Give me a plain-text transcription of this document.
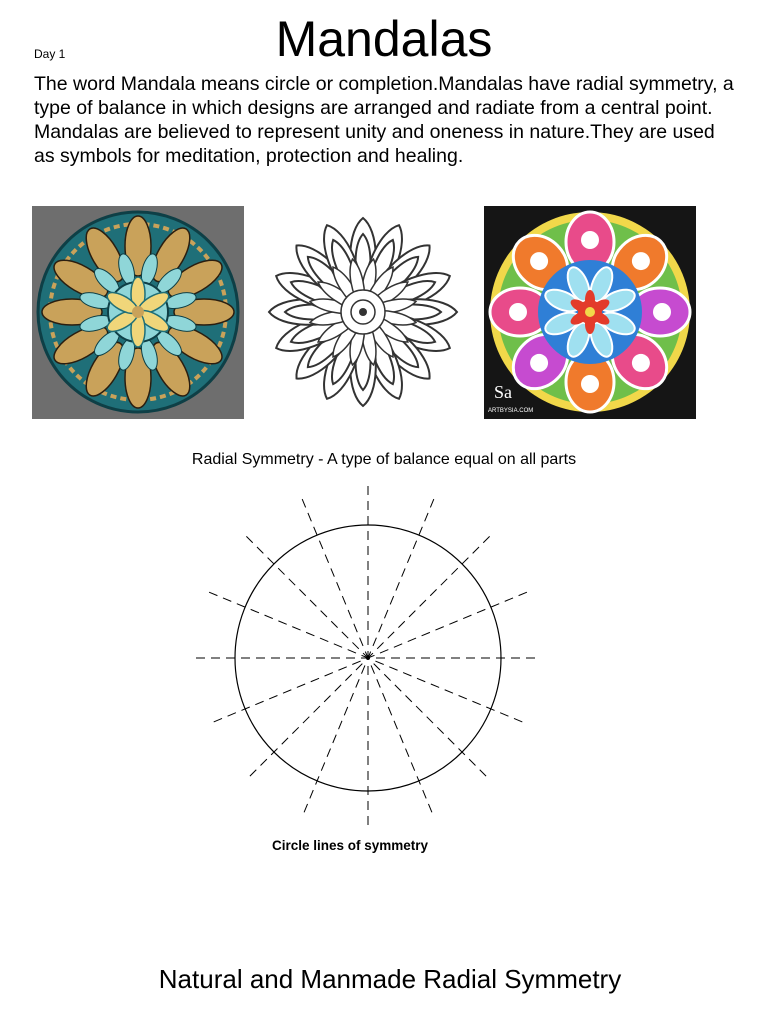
Day 1	Mandalas

The word Mandala means circle or completion.Mandalas have radial symmetry, a type of balance in which designs are arranged and radiate from a central point. Mandalas are believed to represent unity and oneness in nature.They are used as symbols for meditation, protection and healing.

Sa
ARTBYSIA.COM
Radial Symmetry - A type of balance equal on all parts
Circle lines of symmetry
Natural and Manmade Radial Symmetry
